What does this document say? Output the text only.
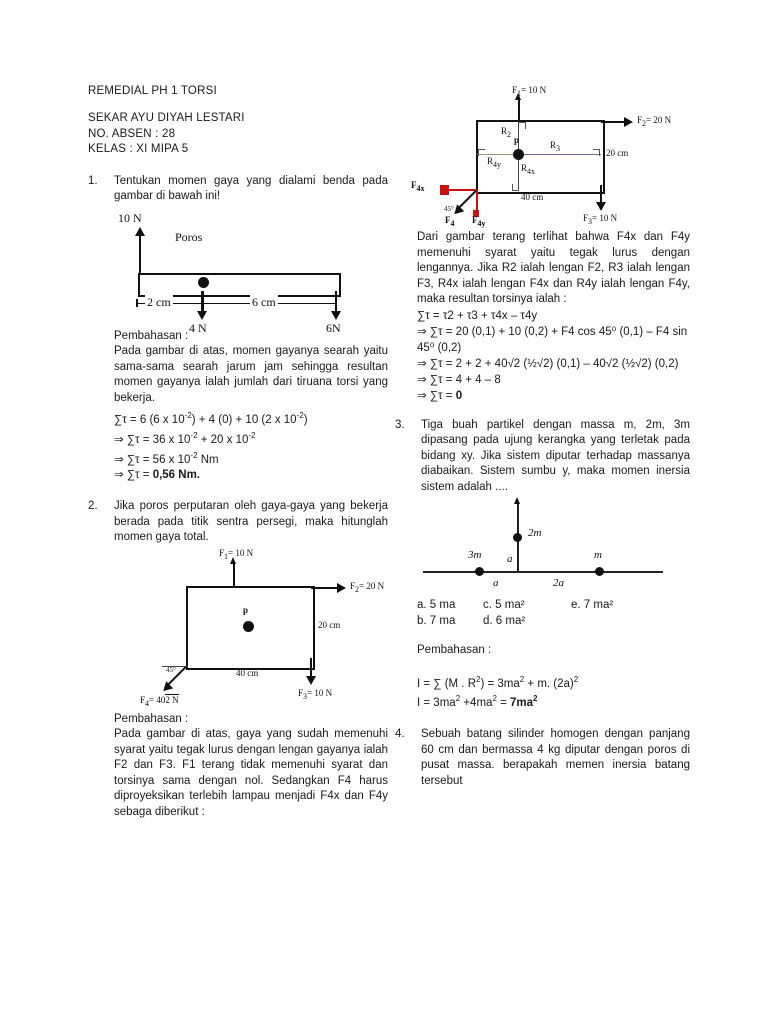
REMEDIAL PH 1 TORSI
SEKAR AYU DIYAH LESTARI
NO. ABSEN : 28
KELAS : XI MIPA 5
1.	Tentukan momen gaya yang dialami benda pada gambar di bawah ini!
10 N
Poros
2 cm	6 cm
4 N	6N
Pembahasan :
Pada gambar di atas, momen gayanya searah yaitu sama-sama searah jarum jam sehingga resultan momen gayanya ialah jumlah dari tiruana torsi yang bekerja.
∑τ = 6 (6 x $10^{-2}) + 4$ (0) + 10 (2 x $10^{-2}$)
⇒ ∑τ = 36 x $10^{-2} + 20$ x $10^{-2}$
⇒ ∑τ = 56 x $10^{-2}$ Nm
⇒ ∑τ = 0,56 Nm.
2.	Jika poros perputaran oleh gaya-gaya yang bekerja berada pada titik sentra persegi, maka hitunglah momen gaya total.
F1= 10 N
p
F2= 20 N
20 cm
F3= 10 N
40 cm
45°
F4= 402 N
Pembahasan :
Pada gambar di atas, gaya yang sudah memenuhi syarat yaitu tegak lurus dengan lengan gayanya ialah F2 dan F3. F1 terang tidak memenuhi syarat dan torsinya sama dengan nol. Sedangkan F4 harus diproyeksikan terlebih lampau menjadi F4x dan F4y sebaga diberikut :
F1= 10 N
R2
R4x
R4y
R3
p
F2= 20 N
20 cm
F3= 10 N
40 cm
F4x
F4y
45°
F4
Dari gambar terang terlihat bahwa F4x dan F4y memenuhi syarat yaitu tegak lurus dengan lengannya. Jika R2 ialah lengan F2, R3 ialah lengan F3, R4x ialah lengan F4x dan R4y ialah lengan F4y, maka resultan torsinya ialah :
∑τ = τ2 + τ3 + τ4x – τ4y
⇒ ∑τ = 20 (0,1) + 10 (0,2) + F4 cos 45⁰ (0,1) – F4 sin 45⁰ (0,2)
⇒ ∑τ = 2 + 2 + 40√2 (½√2) (0,1) – 40√2 (½√2) (0,2)
⇒ ∑τ = 4 + 4 – 8
⇒ ∑τ = 0
3.	Tiga buah partikel dengan massa m, 2m, 3m dipasang pada ujung kerangka yang terletak pada bidang xy. Jika sistem diputar terhadap massanya diabaikan. Sistem sumbu y, maka momen inersia sistem adalah ....
3m
2m
m
a
a	2a
a. 5 ma
b. 7 ma
c. 5 ma²
d. 6 ma²
e. 7 ma²
Pembahasan :
I = ∑ (M . $R^2) = 3ma^2 + m$. $(2a)^2$
$I = 3ma^2 +4ma^2 = 7ma^2$
4.	Sebuah batang silinder homogen dengan panjang 60 cm dan bermassa 4 kg diputar dengan poros di pusat massa. berapakah memen inersia batang tersebut
